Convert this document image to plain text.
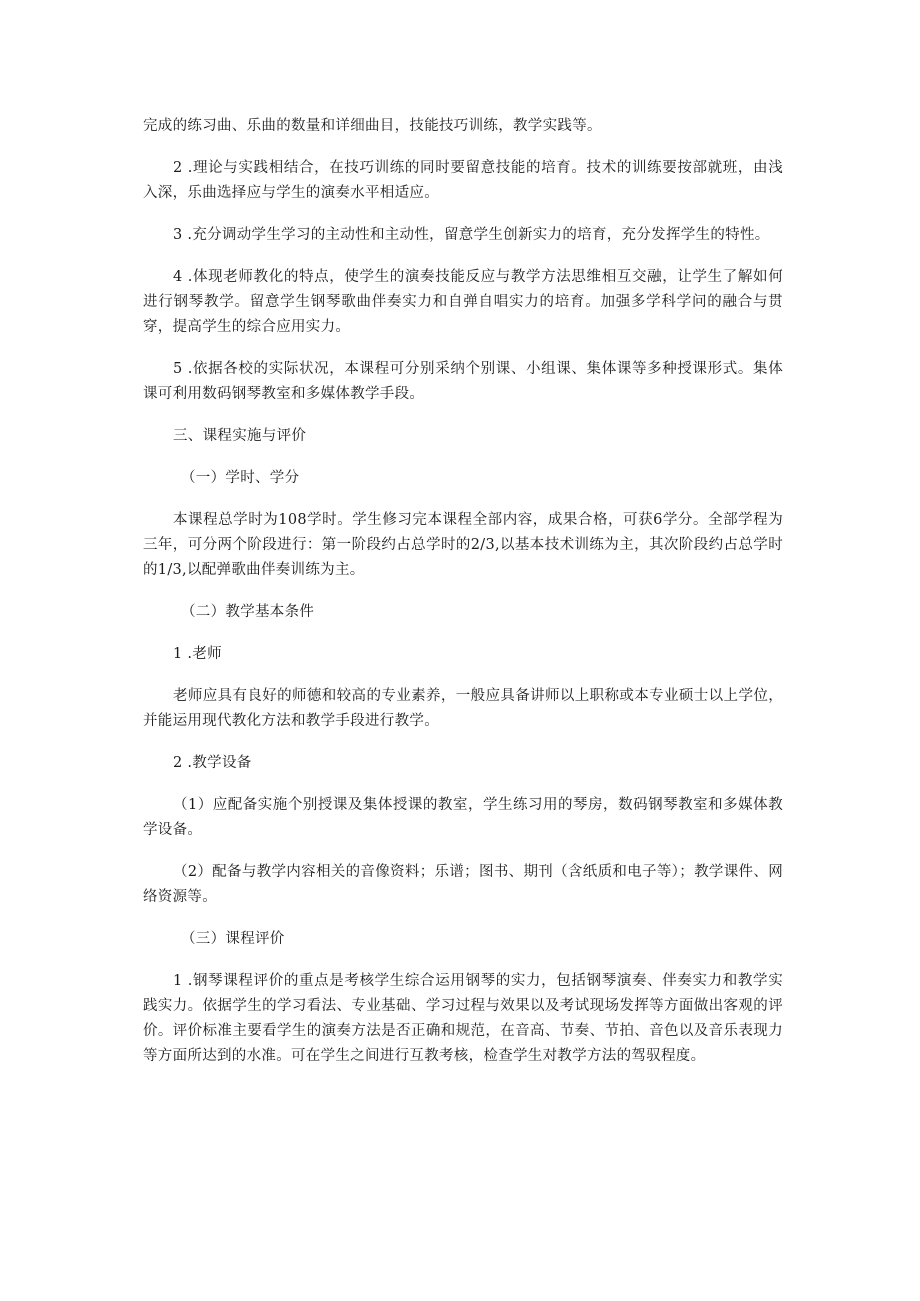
完成的练习曲、乐曲的数量和详细曲目，技能技巧训练，教学实践等。

2 .理论与实践相结合，在技巧训练的同时要留意技能的培育。技术的训练要按部就班，由浅入深，乐曲选择应与学生的演奏水平相适应。

3 .充分调动学生学习的主动性和主动性，留意学生创新实力的培育，充分发挥学生的特性。

4 .体现老师教化的特点，使学生的演奏技能反应与教学方法思维相互交融，让学生了解如何进行钢琴教学。留意学生钢琴歌曲伴奏实力和自弹自唱实力的培育。加强多学科学问的融合与贯穿，提高学生的综合应用实力。

5 .依据各校的实际状况，本课程可分别采纳个别课、小组课、集体课等多种授课形式。集体课可利用数码钢琴教室和多媒体教学手段。

三、课程实施与评价

（一）学时、学分

本课程总学时为108学时。学生修习完本课程全部内容，成果合格，可获6学分。全部学程为三年，可分两个阶段进行：第一阶段约占总学时的2/3,以基本技术训练为主，其次阶段约占总学时的1/3,以配弹歌曲伴奏训练为主。

（二）教学基本条件

1 .老师

老师应具有良好的师德和较高的专业素养，一般应具备讲师以上职称或本专业硕士以上学位，并能运用现代教化方法和教学手段进行教学。

2 .教学设备

（1）应配备实施个别授课及集体授课的教室，学生练习用的琴房，数码钢琴教室和多媒体教学设备。

（2）配备与教学内容相关的音像资料；乐谱；图书、期刊（含纸质和电子等）；教学课件、网络资源等。

（三）课程评价

1 .钢琴课程评价的重点是考核学生综合运用钢琴的实力，包括钢琴演奏、伴奏实力和教学实践实力。依据学生的学习看法、专业基础、学习过程与效果以及考试现场发挥等方面做出客观的评价。评价标准主要看学生的演奏方法是否正确和规范，在音高、节奏、节拍、音色以及音乐表现力等方面所达到的水准。可在学生之间进行互教考核，检查学生对教学方法的驾驭程度。
